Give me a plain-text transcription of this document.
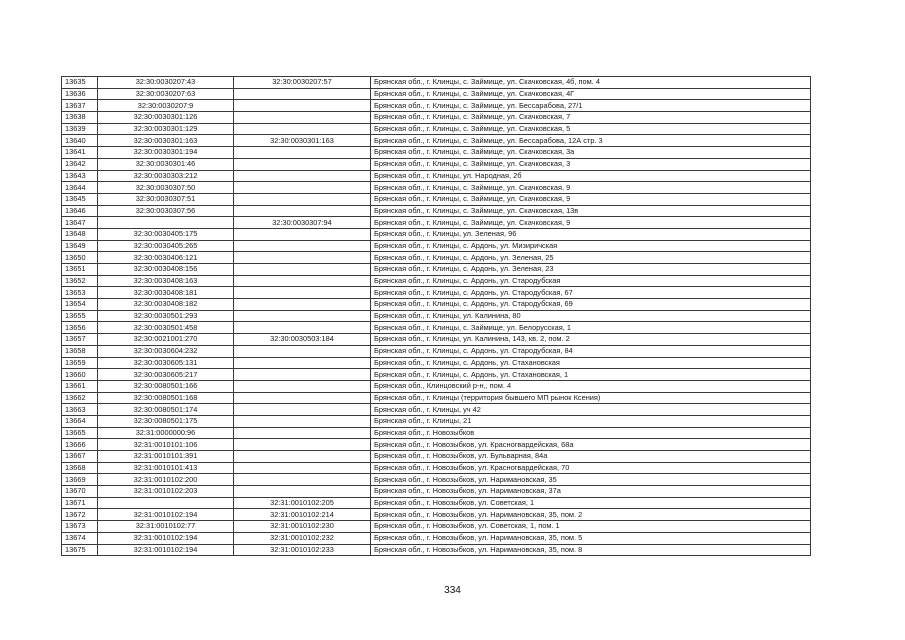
13635	32:30:0030207:43	32:30:0030207:57	Брянская обл., г. Клинцы, с. Займище, ул. Скачковская, 4б, пом. 4
13636	32:30:0030207:63		Брянская обл., г. Клинцы, с. Займище, ул. Скачковская, 4Г
13637	32:30:0030207:9		Брянская обл., г. Клинцы, с. Займище, ул. Бессарабова, 27/1
13638	32:30:0030301:126		Брянская обл., г. Клинцы, с. Займище, ул. Скачковская, 7
13639	32:30:0030301:129		Брянская обл., г. Клинцы, с. Займище, ул. Скачковская, 5
13640	32:30:0030301:163	32:30:0030301:163	Брянская обл., г. Клинцы, с. Займище, ул. Бессарабова, 12А стр. 3
13641	32:30:0030301:194		Брянская обл., г. Клинцы, с. Займище, ул. Скачковская, 3а
13642	32:30:0030301:46		Брянская обл., г. Клинцы, с. Займище, ул. Скачковская, 3
13643	32:30:0030303:212		Брянская обл., г. Клинцы, ул. Народная, 2б
13644	32:30:0030307:50		Брянская обл., г. Клинцы, с. Займище, ул. Скачковская, 9
13645	32:30:0030307:51		Брянская обл., г. Клинцы, с. Займище, ул. Скачковская, 9
13646	32:30:0030307:56		Брянская обл., г. Клинцы, с. Займище, ул. Скачковская, 13в
13647		32:30:0030307:94	Брянская обл., г. Клинцы, с. Займище, ул. Скачковская, 9
13648	32:30:0030405:175		Брянская обл., г. Клинцы, ул. Зеленая, 96
13649	32:30:0030405:265		Брянская обл., г. Клинцы, с. Ардонь, ул. Мизиричская
13650	32:30:0030406:121		Брянская обл., г. Клинцы, с. Ардонь, ул. Зеленая, 25
13651	32:30:0030408:156		Брянская обл., г. Клинцы, с. Ардонь, ул. Зеленая, 23
13652	32:30:0030408:163		Брянская обл., г. Клинцы, с. Ардонь, ул. Стародубская
13653	32:30:0030408:181		Брянская обл., г. Клинцы, с. Ардонь, ул. Стародубская, 67
13654	32:30:0030408:182		Брянская обл., г. Клинцы, с. Ардонь, ул. Стародубская, 69
13655	32:30:0030501:293		Брянская обл., г. Клинцы, ул. Калинина, 80
13656	32:30:0030501:458		Брянская обл., г. Клинцы, с. Займище, ул. Белорусская, 1
13657	32:30:0021001:270	32:30:0030503:184	Брянская обл., г. Клинцы, ул. Калинина, 143, кв. 2, пом. 2
13658	32:30:0030604:232		Брянская обл., г. Клинцы, с. Ардонь, ул. Стародубская, 84
13659	32:30:0030605:131		Брянская обл., г. Клинцы, с. Ардонь, ул. Стахановская
13660	32:30:0030605:217		Брянская обл., г. Клинцы, с. Ардонь, ул. Стахановская, 1
13661	32:30:0080501:166		Брянская обл., Клинцовский р-н,, пом. 4
13662	32:30:0080501:168		Брянская обл., г. Клинцы (территория бывшего МП рынок Ксения)
13663	32:30:0080501:174		Брянская обл., г. Клинцы, уч 42
13664	32:30:0080501:175		Брянская обл., г. Клинцы, 21
13665	32:31:0000000:96		Брянская обл., г. Новозыбков
13666	32:31:0010101:106		Брянская обл., г. Новозыбков, ул. Красногвардейская, 68а
13667	32:31:0010101:391		Брянская обл., г. Новозыбков, ул. Бульварная, 84а
13668	32:31:0010101:413		Брянская обл., г. Новозыбков, ул. Красногвардейская, 70
13669	32:31:0010102:200		Брянская обл., г. Новозыбков, ул. Наримановская, 35
13670	32:31:0010102:203		Брянская обл., г. Новозыбков, ул. Наримановская, 37а
13671		32:31:0010102:205	Брянская обл., г. Новозыбков, ул. Советская, 1
13672	32:31:0010102:194	32:31:0010102:214	Брянская обл., г. Новозыбков, ул. Наримановская, 35, пом. 2
13673	32:31:0010102:77	32:31:0010102:230	Брянская обл., г. Новозыбков, ул. Советская, 1, пом. 1
13674	32:31:0010102:194	32:31:0010102:232	Брянская обл., г. Новозыбков, ул. Наримановская, 35, пом. 5
13675	32:31:0010102:194	32:31:0010102:233	Брянская обл., г. Новозыбков, ул. Наримановская, 35, пом. 8
334
